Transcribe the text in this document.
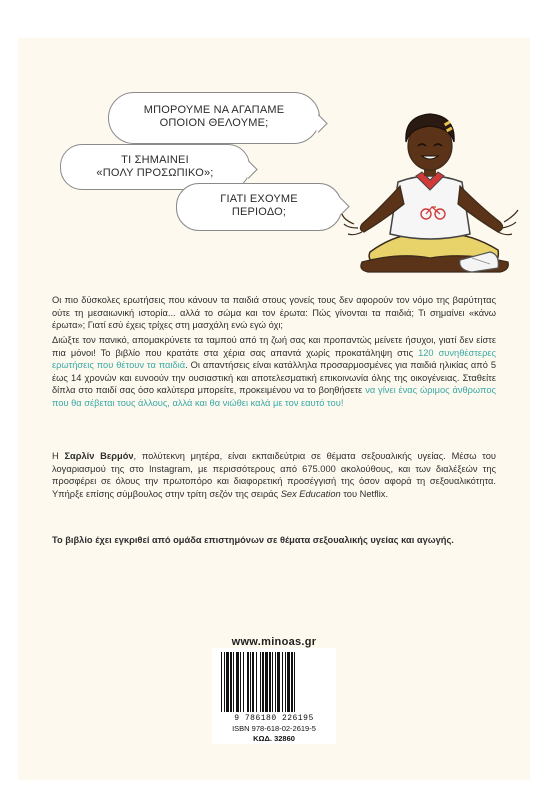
ΜΠΟΡΟΥΜΕ ΝΑ ΑΓΑΠΑΜΕ
ΟΠΟΙΟΝ ΘΕΛΟΥΜΕ;
ΤΙ ΣΗΜΑΙΝΕΙ
«ΠΟΛΥ ΠΡΟΣΩΠΙΚΟ»;
ΓΙΑΤΙ ΕΧΟΥΜΕ
ΠΕΡΙΟΔΟ;
Οι πιο δύσκολες ερωτήσεις που κάνουν τα παιδιά στους γονείς τους δεν αφορούν τον νόμο της βαρύτητας ούτε τη μεσαιωνική ιστορία... αλλά το σώμα και τον έρωτα: Πώς γίνονται τα παιδιά; Τι σημαίνει «κάνω έρωτα»; Γιατί εσύ έχεις τρίχες στη μασχάλη ενώ εγώ όχι;
Διώξτε τον πανικό, απομακρύνετε τα ταμπού από τη ζωή σας και προπαντώς μείνετε ήσυχοι, γιατί δεν είστε πια μόνοι! Το βιβλίο που κρατάτε στα χέρια σας απαντά χωρίς προκατάληψη στις 120 συνηθέστερες ερωτήσεις που θέτουν τα παιδιά. Οι απαντήσεις είναι κατάλληλα προσαρμοσμένες για παιδιά ηλικίας από 5 έως 14 χρονών και ευνοούν την ουσιαστική και αποτελεσματική επικοινωνία όλης της οικογένειας. Σταθείτε δίπλα στο παιδί σας όσο καλύτερα μπορείτε, προκειμένου να το βοηθήσετε να γίνει ένας ώριμος άνθρωπος που θα σέβεται τους άλλους, αλλά και θα νιώθει καλά με τον εαυτό του!
Η Σαρλίν Βερμόν, πολύτεκνη μητέρα, είναι εκπαιδεύτρια σε θέματα σεξουαλικής υγείας. Μέσω του λογαριασμού της στο Instagram, με περισσότερους από 675.000 ακολούθους, και των διαλέξεών της προσφέρει σε όλους την πρωτοπόρο και διαφορετική προσέγγισή της όσον αφορά τη σεξουαλικότητα. Υπήρξε επίσης σύμβουλος στην τρίτη σεζόν της σειράς Sex Education του Netflix.
Το βιβλίο έχει εγκριθεί από ομάδα επιστημόνων σε θέματα σεξουαλικής υγείας και αγωγής.
www.minoas.gr
9 786180 226195
ISBN 978-618-02-2619-5
ΚΩΔ. 32860
